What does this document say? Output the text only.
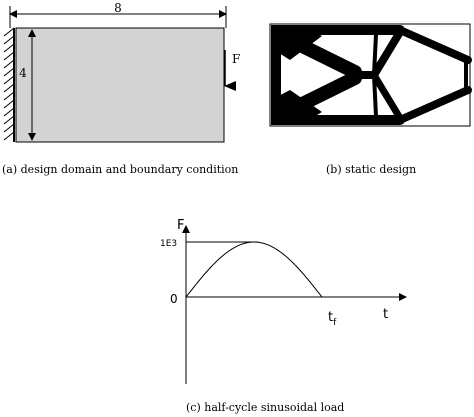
8
4
F
(a) design domain and boundary condition	(b) static design
F
1E3
0
$t_f$
t
(c) half-cycle sinusoidal load
